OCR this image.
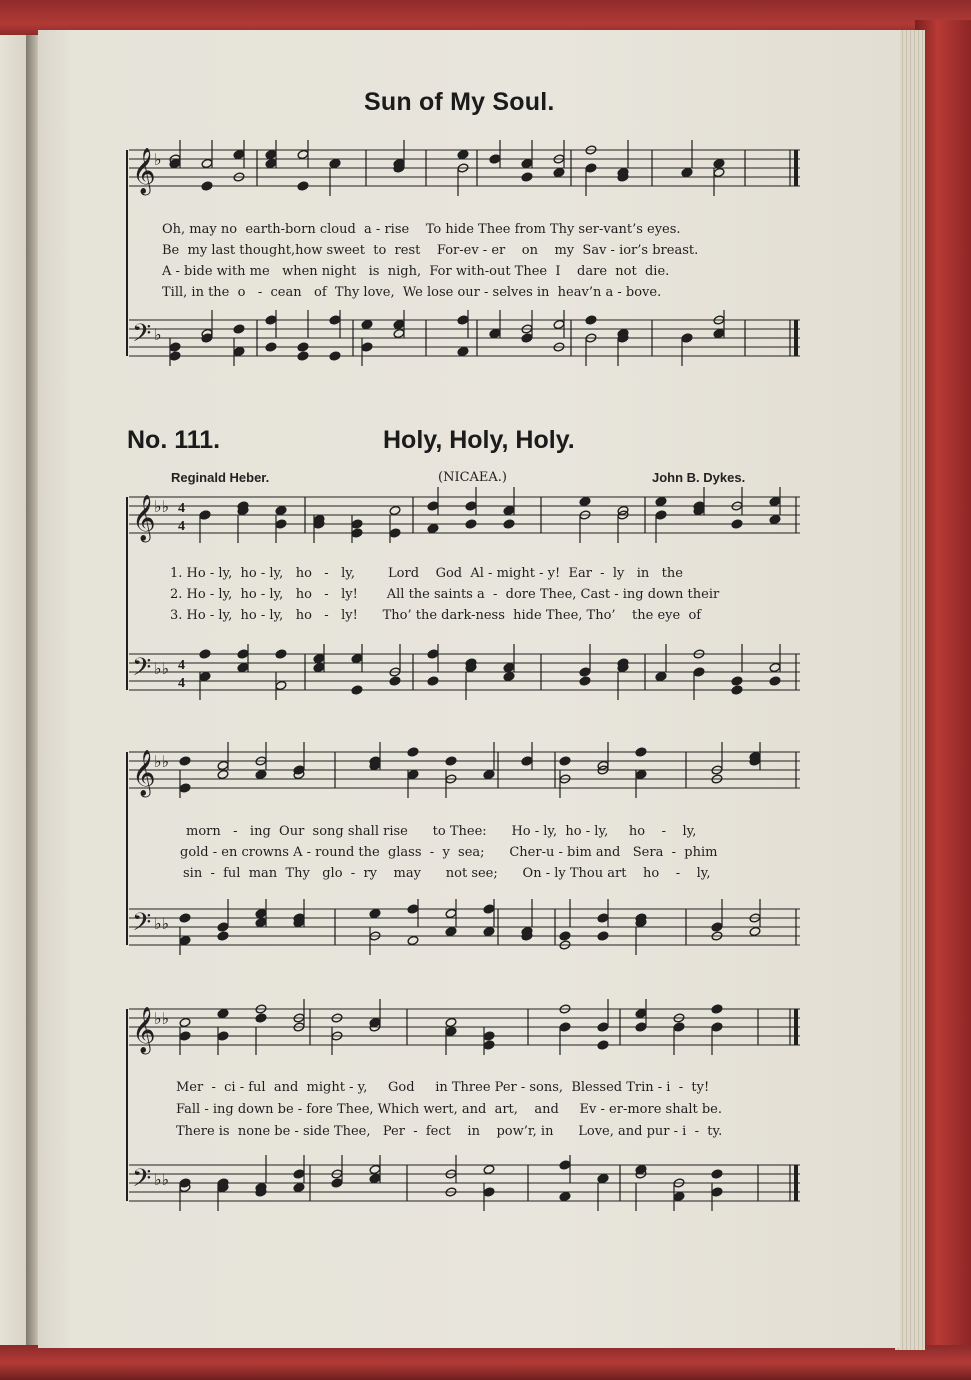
𝄞
♭
𝄢 ♭
𝄞
♭♭
𝄢 ♭♭
𝄞
♭♭
𝄢 ♭♭
𝄞
♭♭
𝄢 ♭♭
4
4
4
4
Sun of My Soul.
Oh, may no  earth-born cloud  a - rise    To hide Thee from Thy ser-vant’s eyes.
Be  my last thought,how sweet  to  rest    For-ev - er    on    my  Sav - ior’s breast.
A - bide with me   when night   is  nigh,  For with-out Thee  I    dare  not  die.
Till, in the  o   -  cean   of  Thy love,  We lose our - selves in  heav’n a - bove.
No. 111.	Holy, Holy, Holy.
Reginald Heber.	(NICAEA.)	John B. Dykes.
1. Ho - ly,  ho - ly,   ho   -   ly,        Lord    God  Al - might - y!  Ear  -  ly   in   the
2. Ho - ly,  ho - ly,   ho   -   ly!       All the saints a  -  dore Thee, Cast - ing down their
3. Ho - ly,  ho - ly,   ho   -   ly!      Tho’ the dark-ness  hide Thee, Tho’    the eye  of
morn   -   ing  Our  song shall rise      to Thee:      Ho - ly,  ho - ly,     ho    -    ly,
gold - en crowns A - round the  glass  -  y  sea;      Cher-u - bim and   Sera  -  phim
sin  -  ful  man  Thy   glo  -  ry    may      not see;      On - ly Thou art    ho    -    ly,
Mer  -  ci - ful  and  might - y,     God     in Three Per - sons,  Blessed Trin - i  -  ty!
Fall - ing down be - fore Thee, Which wert, and  art,    and     Ev - er-more shalt be.
There is  none be - side Thee,   Per  -  fect    in    pow’r, in      Love, and pur - i  -  ty.
